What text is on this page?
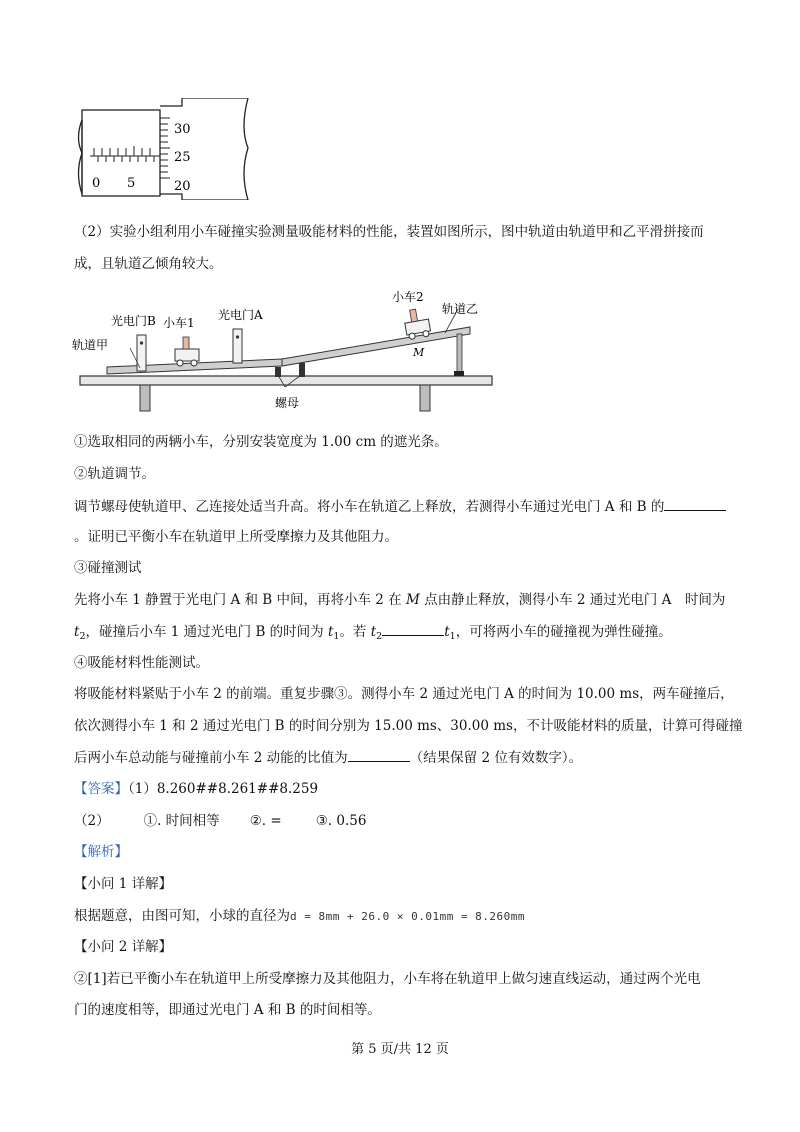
0 5
30
25
20
（2）实验小组利用小车碰撞实验测量吸能材料的性能，装置如图所示，图中轨道由轨道甲和乙平滑拼接而
成，且轨道乙倾角较大。
光电门B 小车1
光电门A
小车2
轨道乙
轨道甲
M
螺母
①选取相同的两辆小车，分别安装宽度为 1.00 cm 的遮光条。
②轨道调节。
调节螺母使轨道甲、乙连接处适当升高。将小车在轨道乙上释放，若测得小车通过光电门 A 和 B 的
。证明已平衡小车在轨道甲上所受摩擦力及其他阻力。
③碰撞测试
先将小车 1 静置于光电门 A 和 B 中间，再将小车 2 在 M 点由静止释放，测得小车 2 通过光电门 A　时间为
$t_2$，碰撞后小车 1 通过光电门 B 的时间为 $t_1$。若 $t_2$	$t_1$，可将两小车的碰撞视为弹性碰撞。
④吸能材料性能测试。
将吸能材料紧贴于小车 2 的前端。重复步骤③。测得小车 2 通过光电门 A 的时间为 10.00 ms，两车碰撞后，
依次测得小车 1 和 2 通过光电门 B 的时间分别为 15.00 ms、30.00 ms，不计吸能材料的质量，计算可得碰撞
后两小车总动能与碰撞前小车 2 动能的比值为	（结果保留 2 位有效数字）。
【答案】（1）8.260##8.261##8.259
（2）	①. 时间相等 ②. =	③. 0.56
【解析】
【小问 1 详解】
根据题意，由图可知，小球的直径为d = 8mm + 26.0 × 0.01mm = 8.260mm
【小问 2 详解】
②[1]若已平衡小车在轨道甲上所受摩擦力及其他阻力，小车将在轨道甲上做匀速直线运动，通过两个光电
门的速度相等，即通过光电门 A 和 B 的时间相等。
第 5 页/共 12 页
